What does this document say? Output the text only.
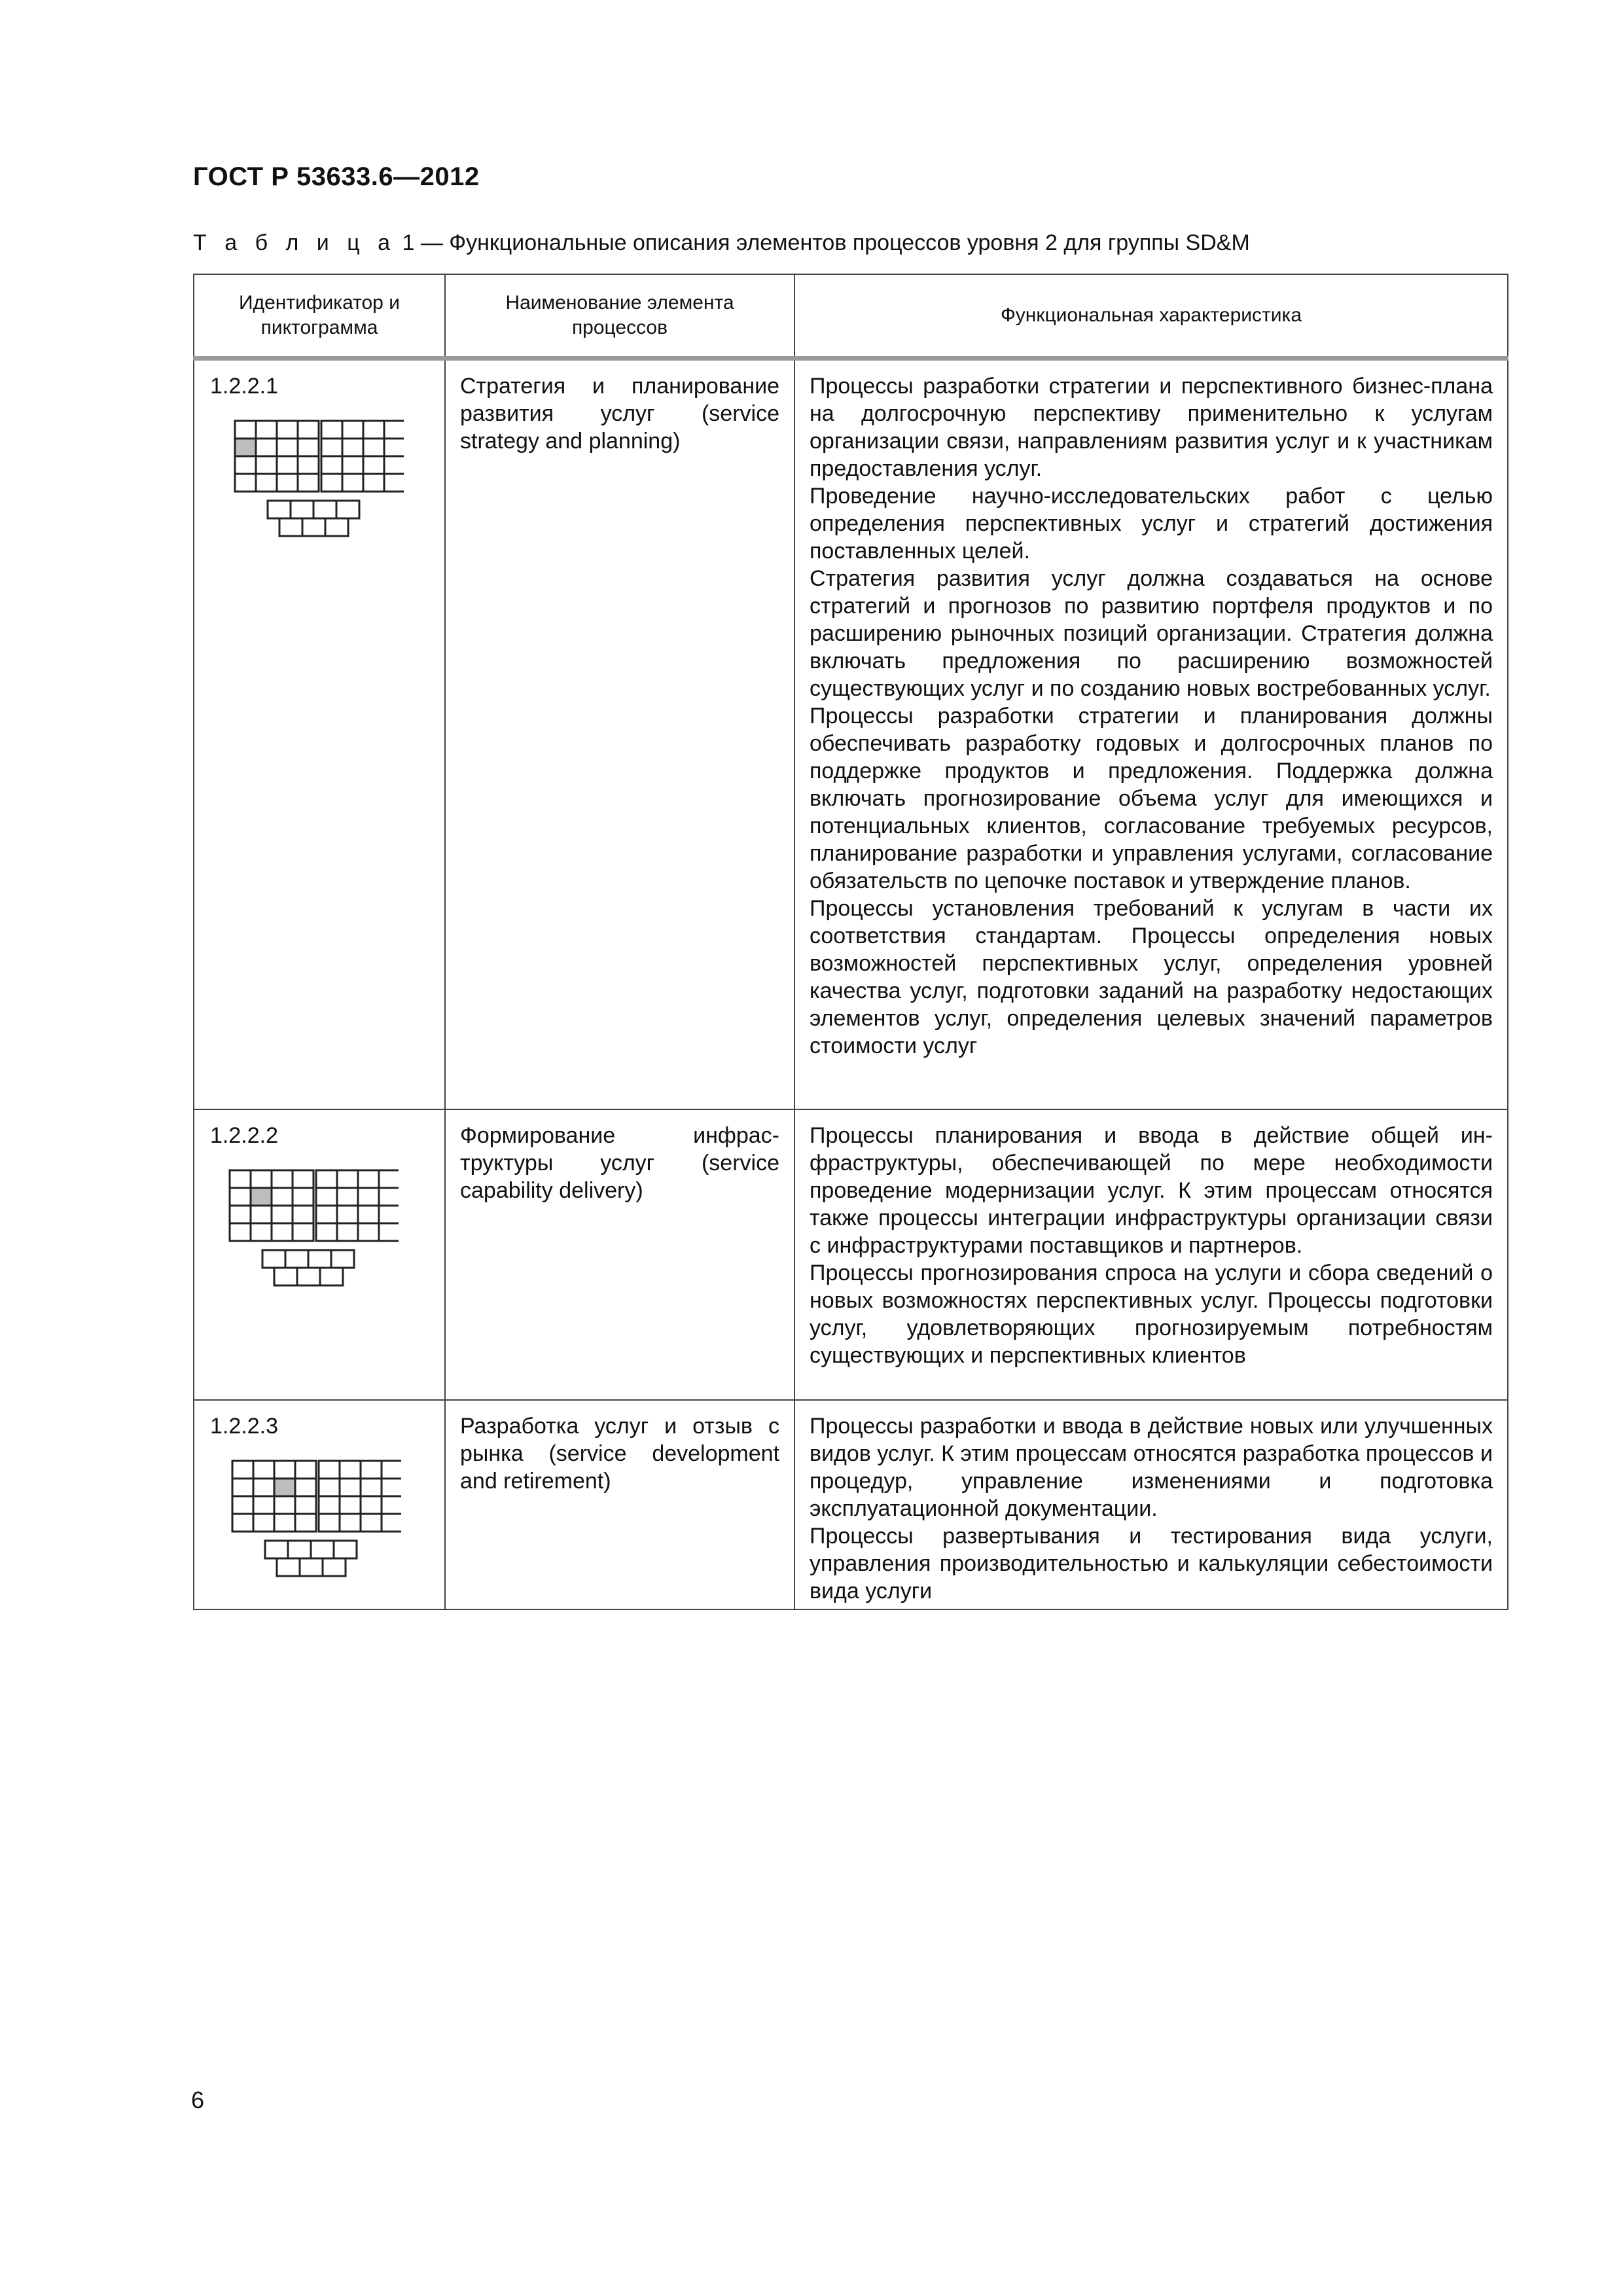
ГОСТ Р 53633.6—2012
Т а б л и ц а 1 — Функциональные описания элементов процессов уровня 2 для группы SD&M
Идентификатор и пиктограмма	Наименование элемента процессов	Функциональная характеристика

1.2.2.1	Стратегия и планирование развития услуг (service strategy and planning)	Процессы разработки стратегии и перспективного бизнес-плана на долгосрочную перспективу применительно к услугам организации связи, направлениям развития услуг и к участникам предоставления услуг.

Проведение научно-исследовательских работ с целью определения перспективных услуг и стратегий достижения поставленных целей.

Стратегия развития услуг должна создаваться на основе стратегий и прогнозов по развитию портфеля продуктов и по расширению рыночных позиций организации. Стратегия должна включать предложения по расширению возможностей существующих услуг и по созданию новых востребованных услуг.

Процессы разработки стратегии и планирования должны обеспечивать разработку годовых и долгосрочных планов по поддержке продуктов и предложения. Поддержка должна включать прогнозирование объема услуг для имеющихся и потенциальных клиентов, согласование требуемых ресурсов, планирование разработки и управления услугами, согласование обязательств по цепочке поставок и утверждение планов.

Процессы установления требований к услугам в части их соответствия стандартам. Процессы определения новых возможностей перспективных услуг, определения уровней качества услуг, подготовки заданий на разработку недостающих элементов услуг, определения целевых значений параметров стоимости услуг

1.2.2.2	Формирование инфраструктуры услуг (service capability delivery)	Процессы планирования и ввода в действие общей инфраструктуры, обеспечивающей по мере необходимости проведение модернизации услуг. К этим процессам относятся также процессы интеграции инфраструктуры организации связи с инфраструктурами поставщиков и партнеров.

Процессы прогнозирования спроса на услуги и сбора сведений о новых возможностях перспективных услуг. Процессы подготовки услуг, удовлетворяющих прогнозируемым потребностям существующих и перспективных клиентов

1.2.2.3	Разработка услуг и отзыв с рынка (service development and retirement)	Процессы разработки и ввода в действие новых или улучшенных видов услуг. К этим процессам относятся разработка процессов и процедур, управление изменениями и подготовка эксплуатационной документации.

Процессы развертывания и тестирования вида услуги, управления производительностью и калькуляции себестоимости вида услуги

6
